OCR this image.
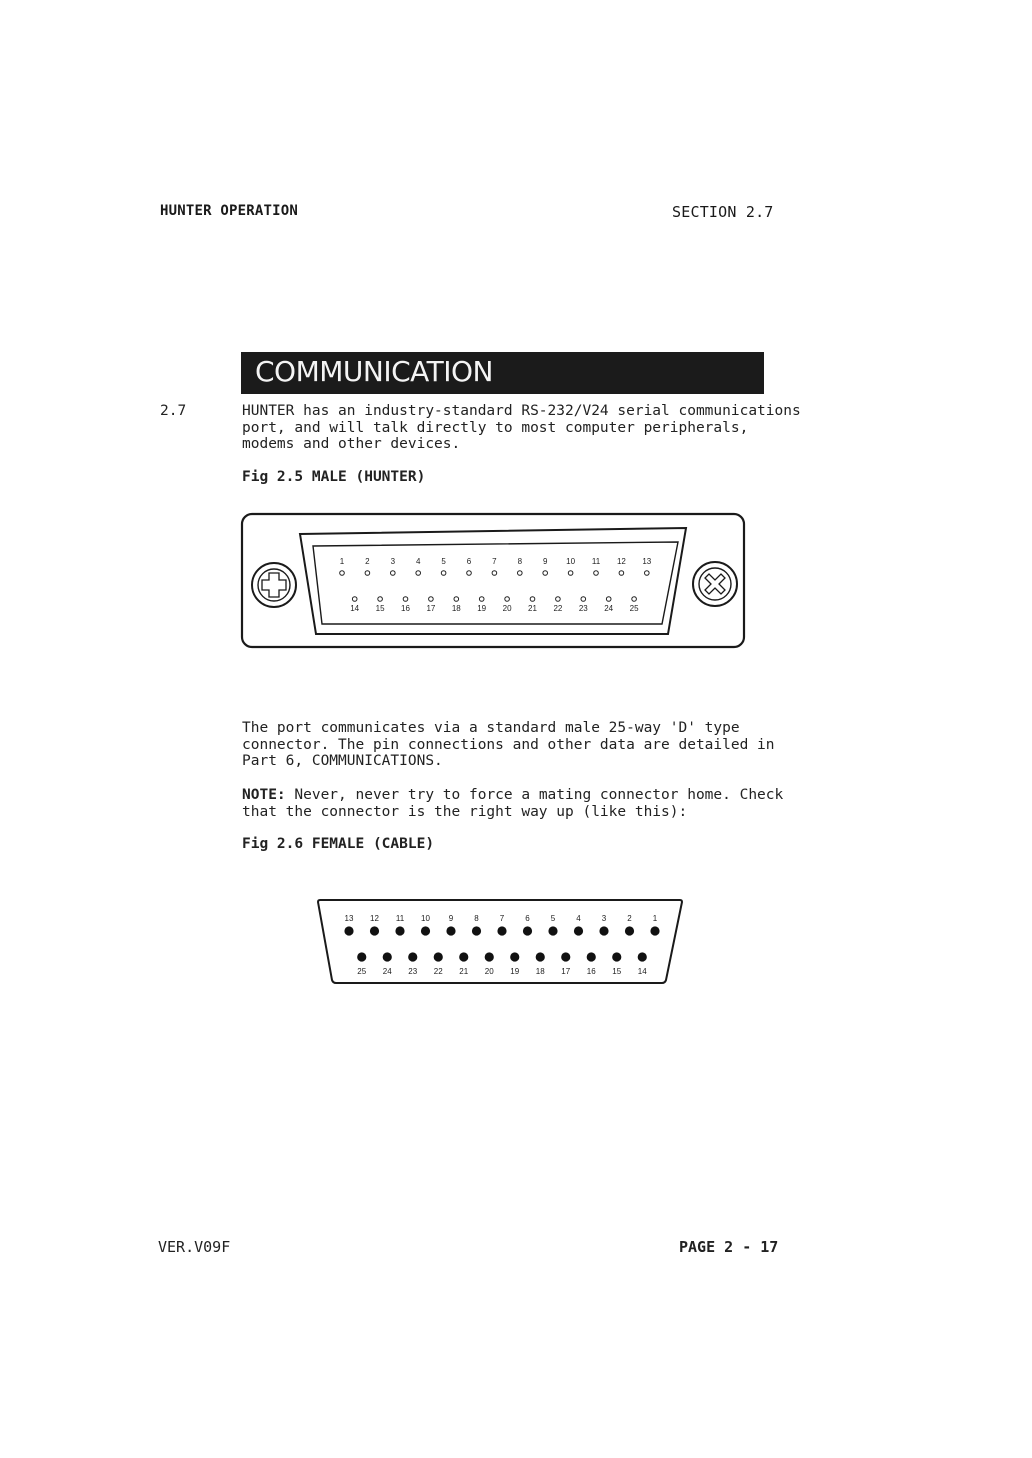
HUNTER OPERATION	SECTION 2.7
COMMUNICATION
2.7	HUNTER has an industry-standard RS-232/V24 serial communications
port, and will talk directly to most computer peripherals,
modems and other devices.
Fig 2.5 MALE (HUNTER)
1	2	3	4	5	6	7	8	9 10 11 12 13
14 15 16 17 18 19 20 21 22 23 24 25
The port communicates via a standard male 25-way 'D' type
connector. The pin connections and other data are detailed in
Part 6, COMMUNICATIONS.
NOTE: Never, never try to force a mating connector home. Check
that the connector is the right way up (like this):
Fig 2.6 FEMALE (CABLE)
13 12 11 10 9	8	7	6	5	4	3	2	1
25 24 23 22 21 20 19 18 17 16 15 14
VER.V09F	PAGE 2 - 17
